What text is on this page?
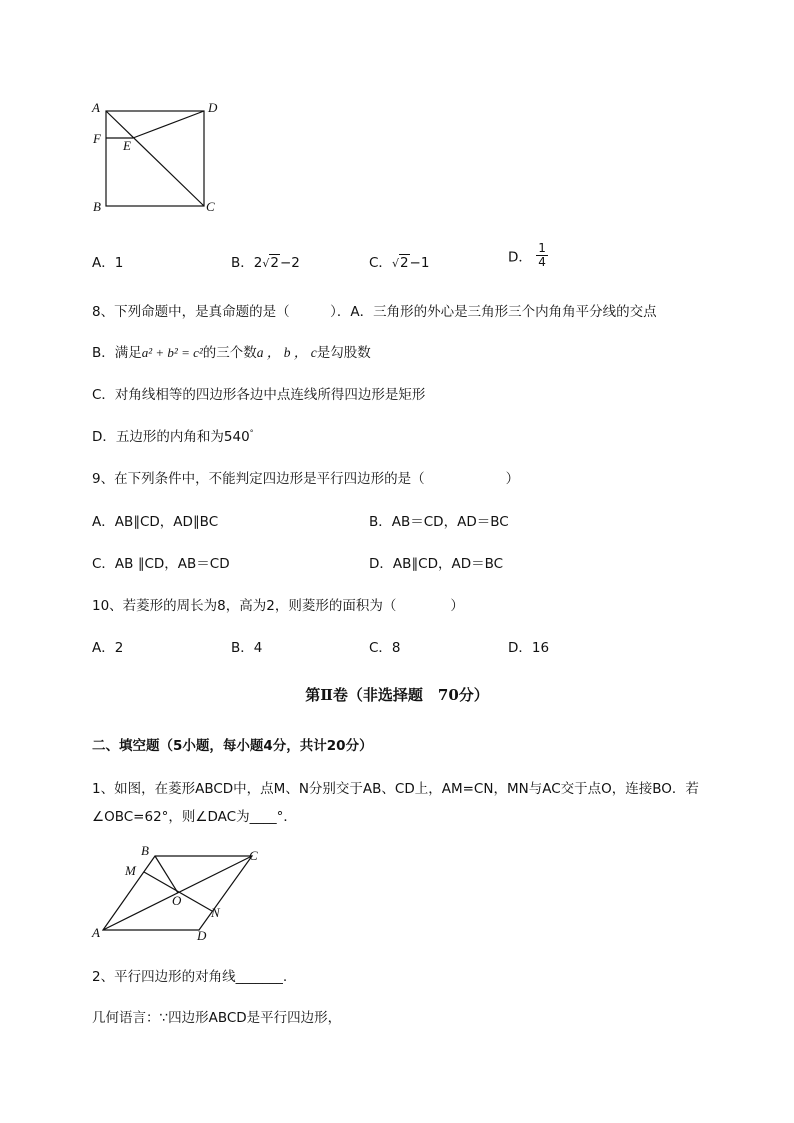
A	D
F E
B	C
A．1	B．2√2−2	C．√2−1	D． $\frac{1}{4}$
8、下列命题中，是真命题的是（　　　）．A．三角形的外心是三角形三个内角角平分线的交点
B．满足a² + b² = c²的三个数a ， b ， c是勾股数
C．对角线相等的四边形各边中点连线所得四边形是矩形
D．五边形的内角和为540°
9、在下列条件中，不能判定四边形是平行四边形的是（　　　　　　）
A．AB∥CD，AD∥BC	B．AB＝CD，AD＝BC
C．AB ∥CD，AB＝CD	D．AB∥CD，AD＝BC
10、若菱形的周长为8，高为2，则菱形的面积为（　　　　）
A．2	B．4	C．8	D．16
第Ⅱ卷（非选择题　70分）
二、填空题（5小题，每小题4分，共计20分）
1、如图，在菱形ABCD中，点M、N分别交于AB、CD上，AM=CN，MN与AC交于点O，连接BO．若
∠OBC=62°，则∠DAC为____°．
B	C
M
O
N
A	D
2、平行四边形的对角线_______.
几何语言：∵四边形ABCD是平行四边形，
